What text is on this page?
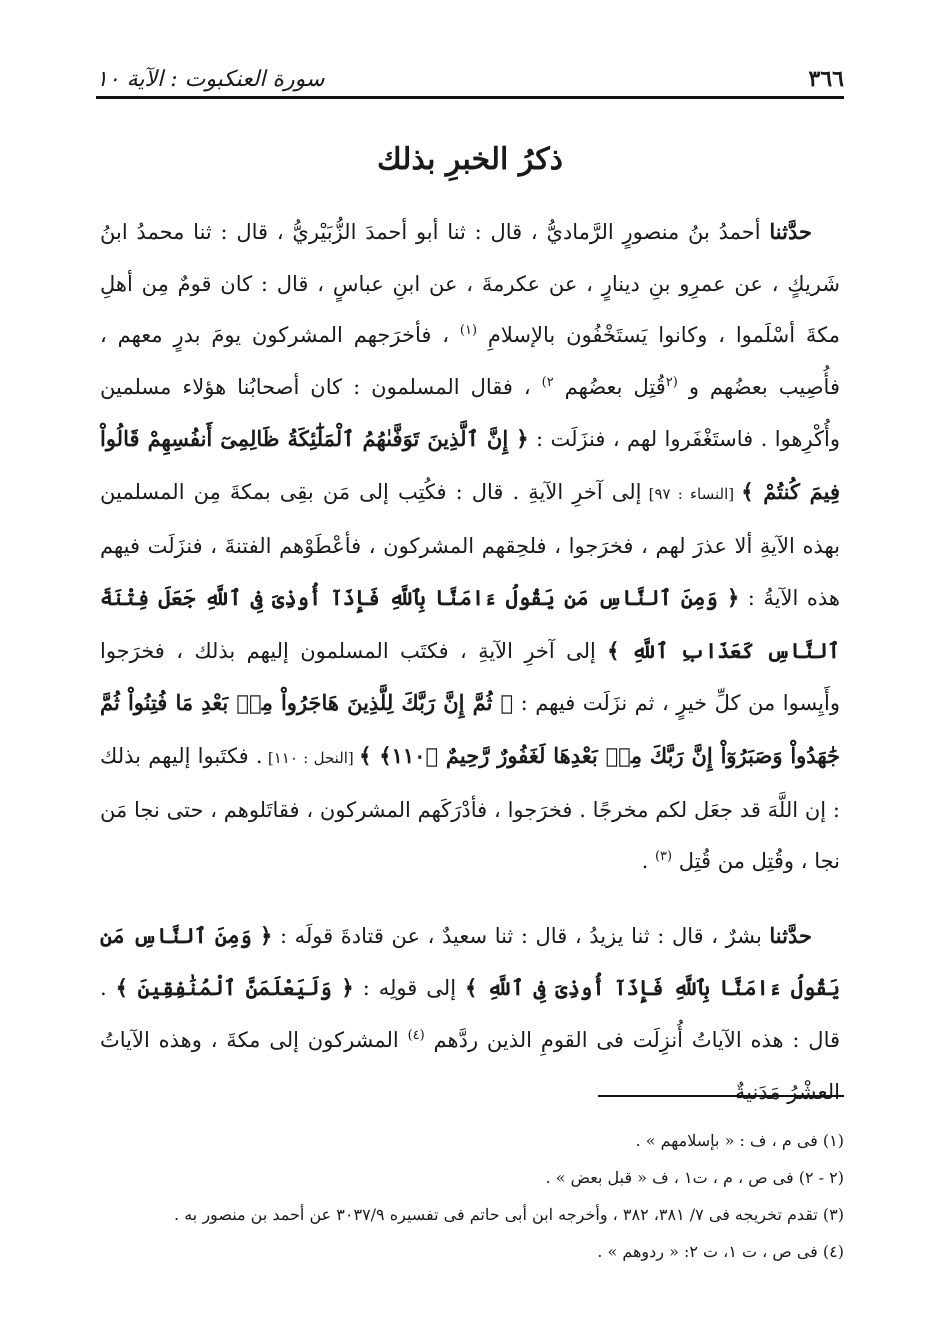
٣٦٦
سورة العنكبوت : الآية ١٠
ذكرُ الخبرِ بذلك

حدَّثنا أحمدُ بنُ منصورٍ الرَّماديُّ ، قال : ثنا أبو أحمدَ الزُّبَيْريُّ ، قال : ثنا محمدُ ابنُ شَريكٍ ، عن عمرِو بنِ دينارٍ ، عن عكرمةَ ، عن ابنِ عباسٍ ، قال : كان قومٌ مِن أهلِ مكةَ أسْلَموا ، وكانوا يَستَخْفُون بالإسلامِ $^{(١)}$ ، فأخرَجهم المشركون يومَ بدرٍ معهم ، فأُصِيب بعضُهم و $^{(٢}$قُتِل بعضُهم $^{٢)}$ ، فقال المسلمون : كان أصحابُنا هؤلاء مسلمين وأُكْرِهوا . فاستَغْفَروا لهم ، فنزَلَت : ﴿ إِنَّ ٱلَّذِينَ تَوَفَّىٰهُمُ ٱلْمَلَٰٓئِكَةُ ظَالِمِىٓ أَنفُسِهِمْ قَالُواْ فِيمَ كُنتُمْ ﴾ [النساء : ٩٧] إلى آخرِ الآيةِ . قال : فكُتِب إلى مَن بقِى بمكةَ مِن المسلمين بهذه الآيةِ ألا عذرَ لهم ، فخرَجوا ، فلحِقهم المشركون ، فأعْطَوْهم الفتنةَ ، فنزَلَت فيهم هذه الآيةُ : ﴿ وَمِنَ ٱلنَّاسِ مَن يَقُولُ ءَامَنَّا بِٱللَّهِ فَإِذَآ أُوذِىَ فِى ٱللَّهِ جَعَلَ فِتْنَةَ ٱلنَّاسِ كَعَذَابِ ٱللَّهِ ﴾ إلى آخرِ الآيةِ ، فكتَب المسلمون إليهم بذلك ، فخرَجوا وأَيِسوا من كلِّ خيرٍ ، ثم نزَلَت فيهم : ﴿ ثُمَّ إِنَّ رَبَّكَ لِلَّذِينَ هَاجَرُواْ مِنۢ بَعْدِ مَا فُتِنُواْ ثُمَّ جَٰهَدُواْ وَصَبَرُوٓاْ إِنَّ رَبَّكَ مِنۢ بَعْدِهَا لَغَفُورٌ رَّحِيمٌ ﴿١١٠﴾ ﴾ [النحل : ١١٠] . فكتَبوا إليهم بذلك : إن اللَّهَ قد جعَل لكم مخرجًا . فخرَجوا ، فأدْرَكَهم المشركون ، فقاتَلوهم ، حتى نجا مَن نجا ، وقُتِل من قُتِل $^{(٣)}$ .

حدَّثنا بشرٌ ، قال : ثنا يزيدُ ، قال : ثنا سعيدٌ ، عن قتادةَ قولَه : ﴿ وَمِنَ ٱلنَّاسِ مَن يَقُولُ ءَامَنَّا بِٱللَّهِ فَإِذَآ أُوذِىَ فِى ٱللَّهِ ﴾ إلى قولِه : ﴿ وَلَيَعْلَمَنَّ ٱلْمُنَٰفِقِينَ ﴾ . قال : هذه الآياتُ أُنزِلَت فى القومِ الذين ردَّهم $^{(٤)}$ المشركون إلى مكةَ ، وهذه الآياتُ العشْرُ مَدَنيةٌ

(١) فى م ، ف : « بإسلامهم » .

(٢ - ٢) فى ص ، م ، ت١ ، ف « قبل بعض » .

(٣) تقدم تخريجه فى ٧/ ٣٨١، ٣٨٢ ، وأخرجه ابن أبى حاتم فى تفسيره ٣٠٣٧/٩ عن أحمد بن منصور به .

(٤) فى ص ، ت ١، ت ٢: « ردوهم » .
